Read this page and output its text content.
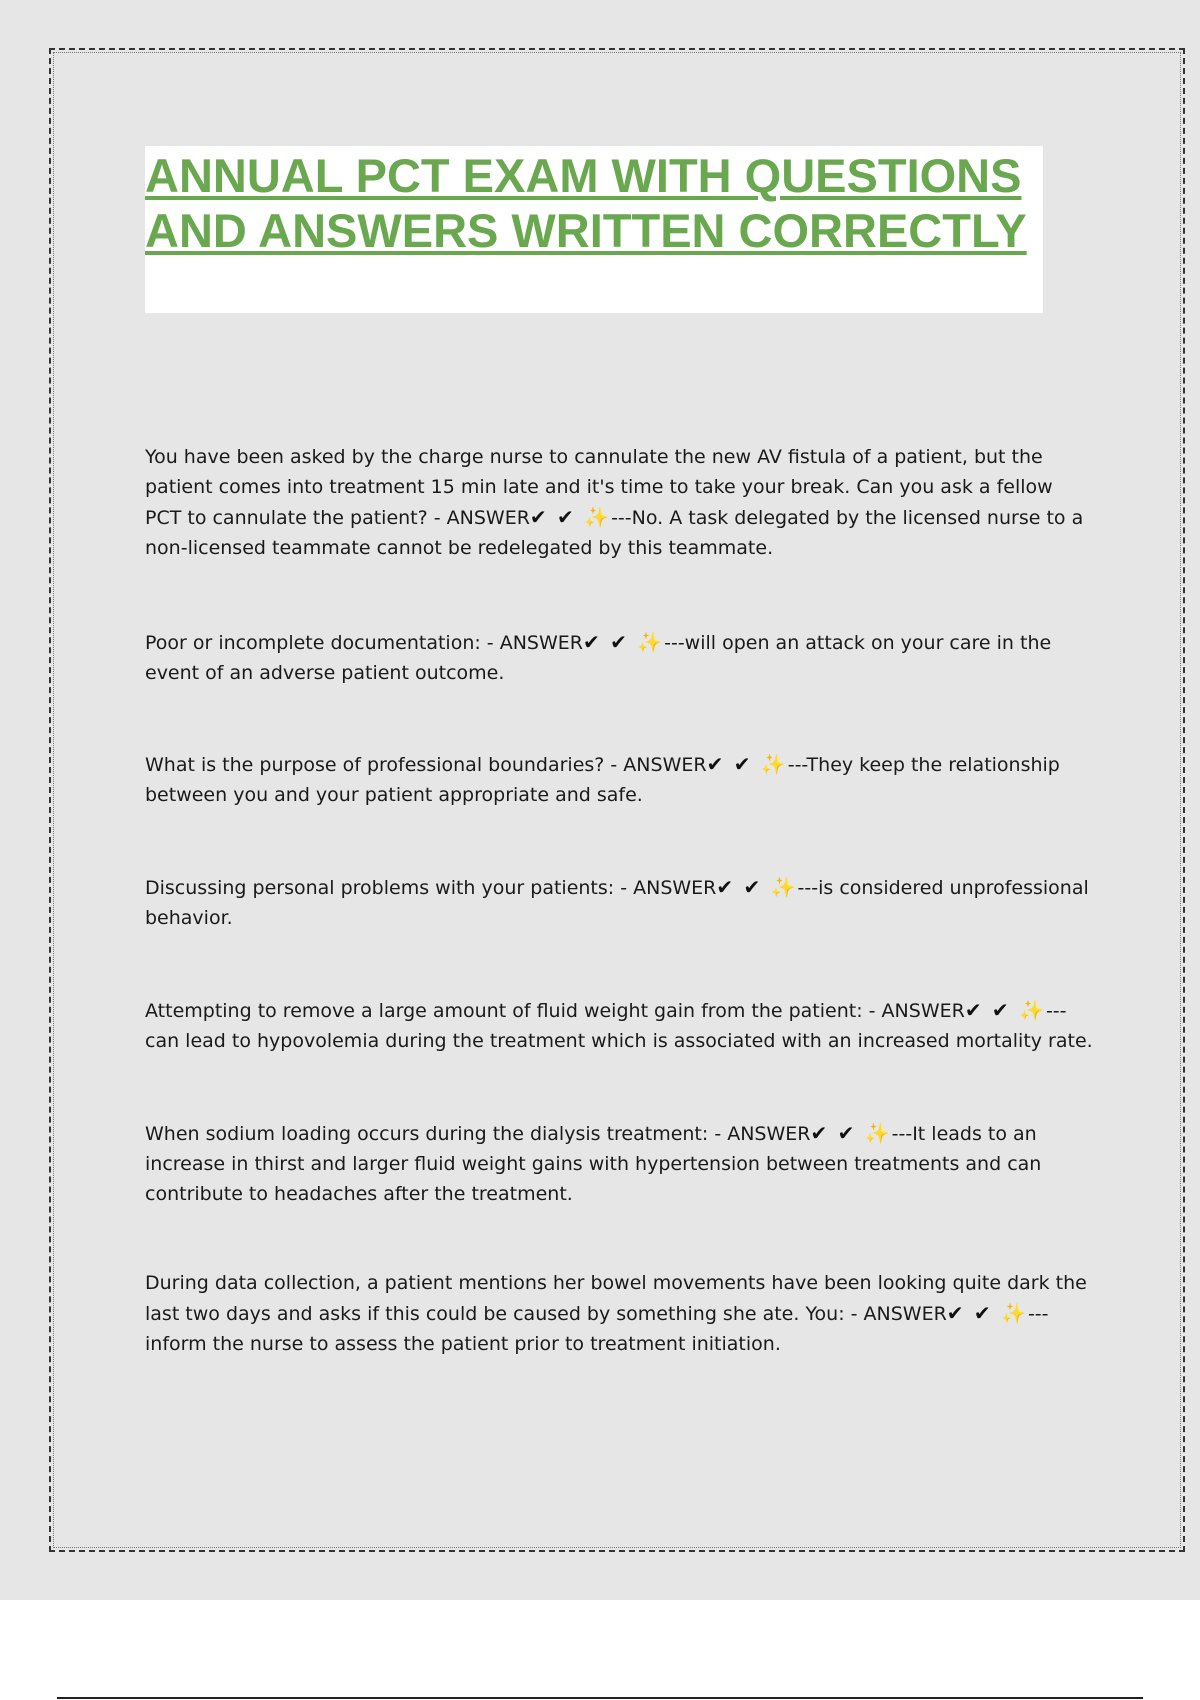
ANNUAL PCT EXAM WITH QUESTIONS AND ANSWERS WRITTEN CORRECTLY

You have been asked by the charge nurse to cannulate the new AV fistula of a patient, but the patient comes into treatment 15 min late and it's time to take your break. Can you ask a fellow PCT to cannulate the patient? - ANSWER✔ ✔ ✨---No. A task delegated by the licensed nurse to a non-licensed teammate cannot be redelegated by this teammate.

Poor or incomplete documentation: - ANSWER✔ ✔ ✨---will open an attack on your care in the event of an adverse patient outcome.

What is the purpose of professional boundaries? - ANSWER✔ ✔ ✨---They keep the relationship between you and your patient appropriate and safe.

Discussing personal problems with your patients: - ANSWER✔ ✔ ✨---is considered unprofessional behavior.

Attempting to remove a large amount of fluid weight gain from the patient: - ANSWER✔ ✔ ✨---can lead to hypovolemia during the treatment which is associated with an increased mortality rate.

When sodium loading occurs during the dialysis treatment: - ANSWER✔ ✔ ✨---It leads to an increase in thirst and larger fluid weight gains with hypertension between treatments and can contribute to headaches after the treatment.

During data collection, a patient mentions her bowel movements have been looking quite dark the last two days and asks if this could be caused by something she ate. You: - ANSWER✔ ✔ ✨---inform the nurse to assess the patient prior to treatment initiation.
